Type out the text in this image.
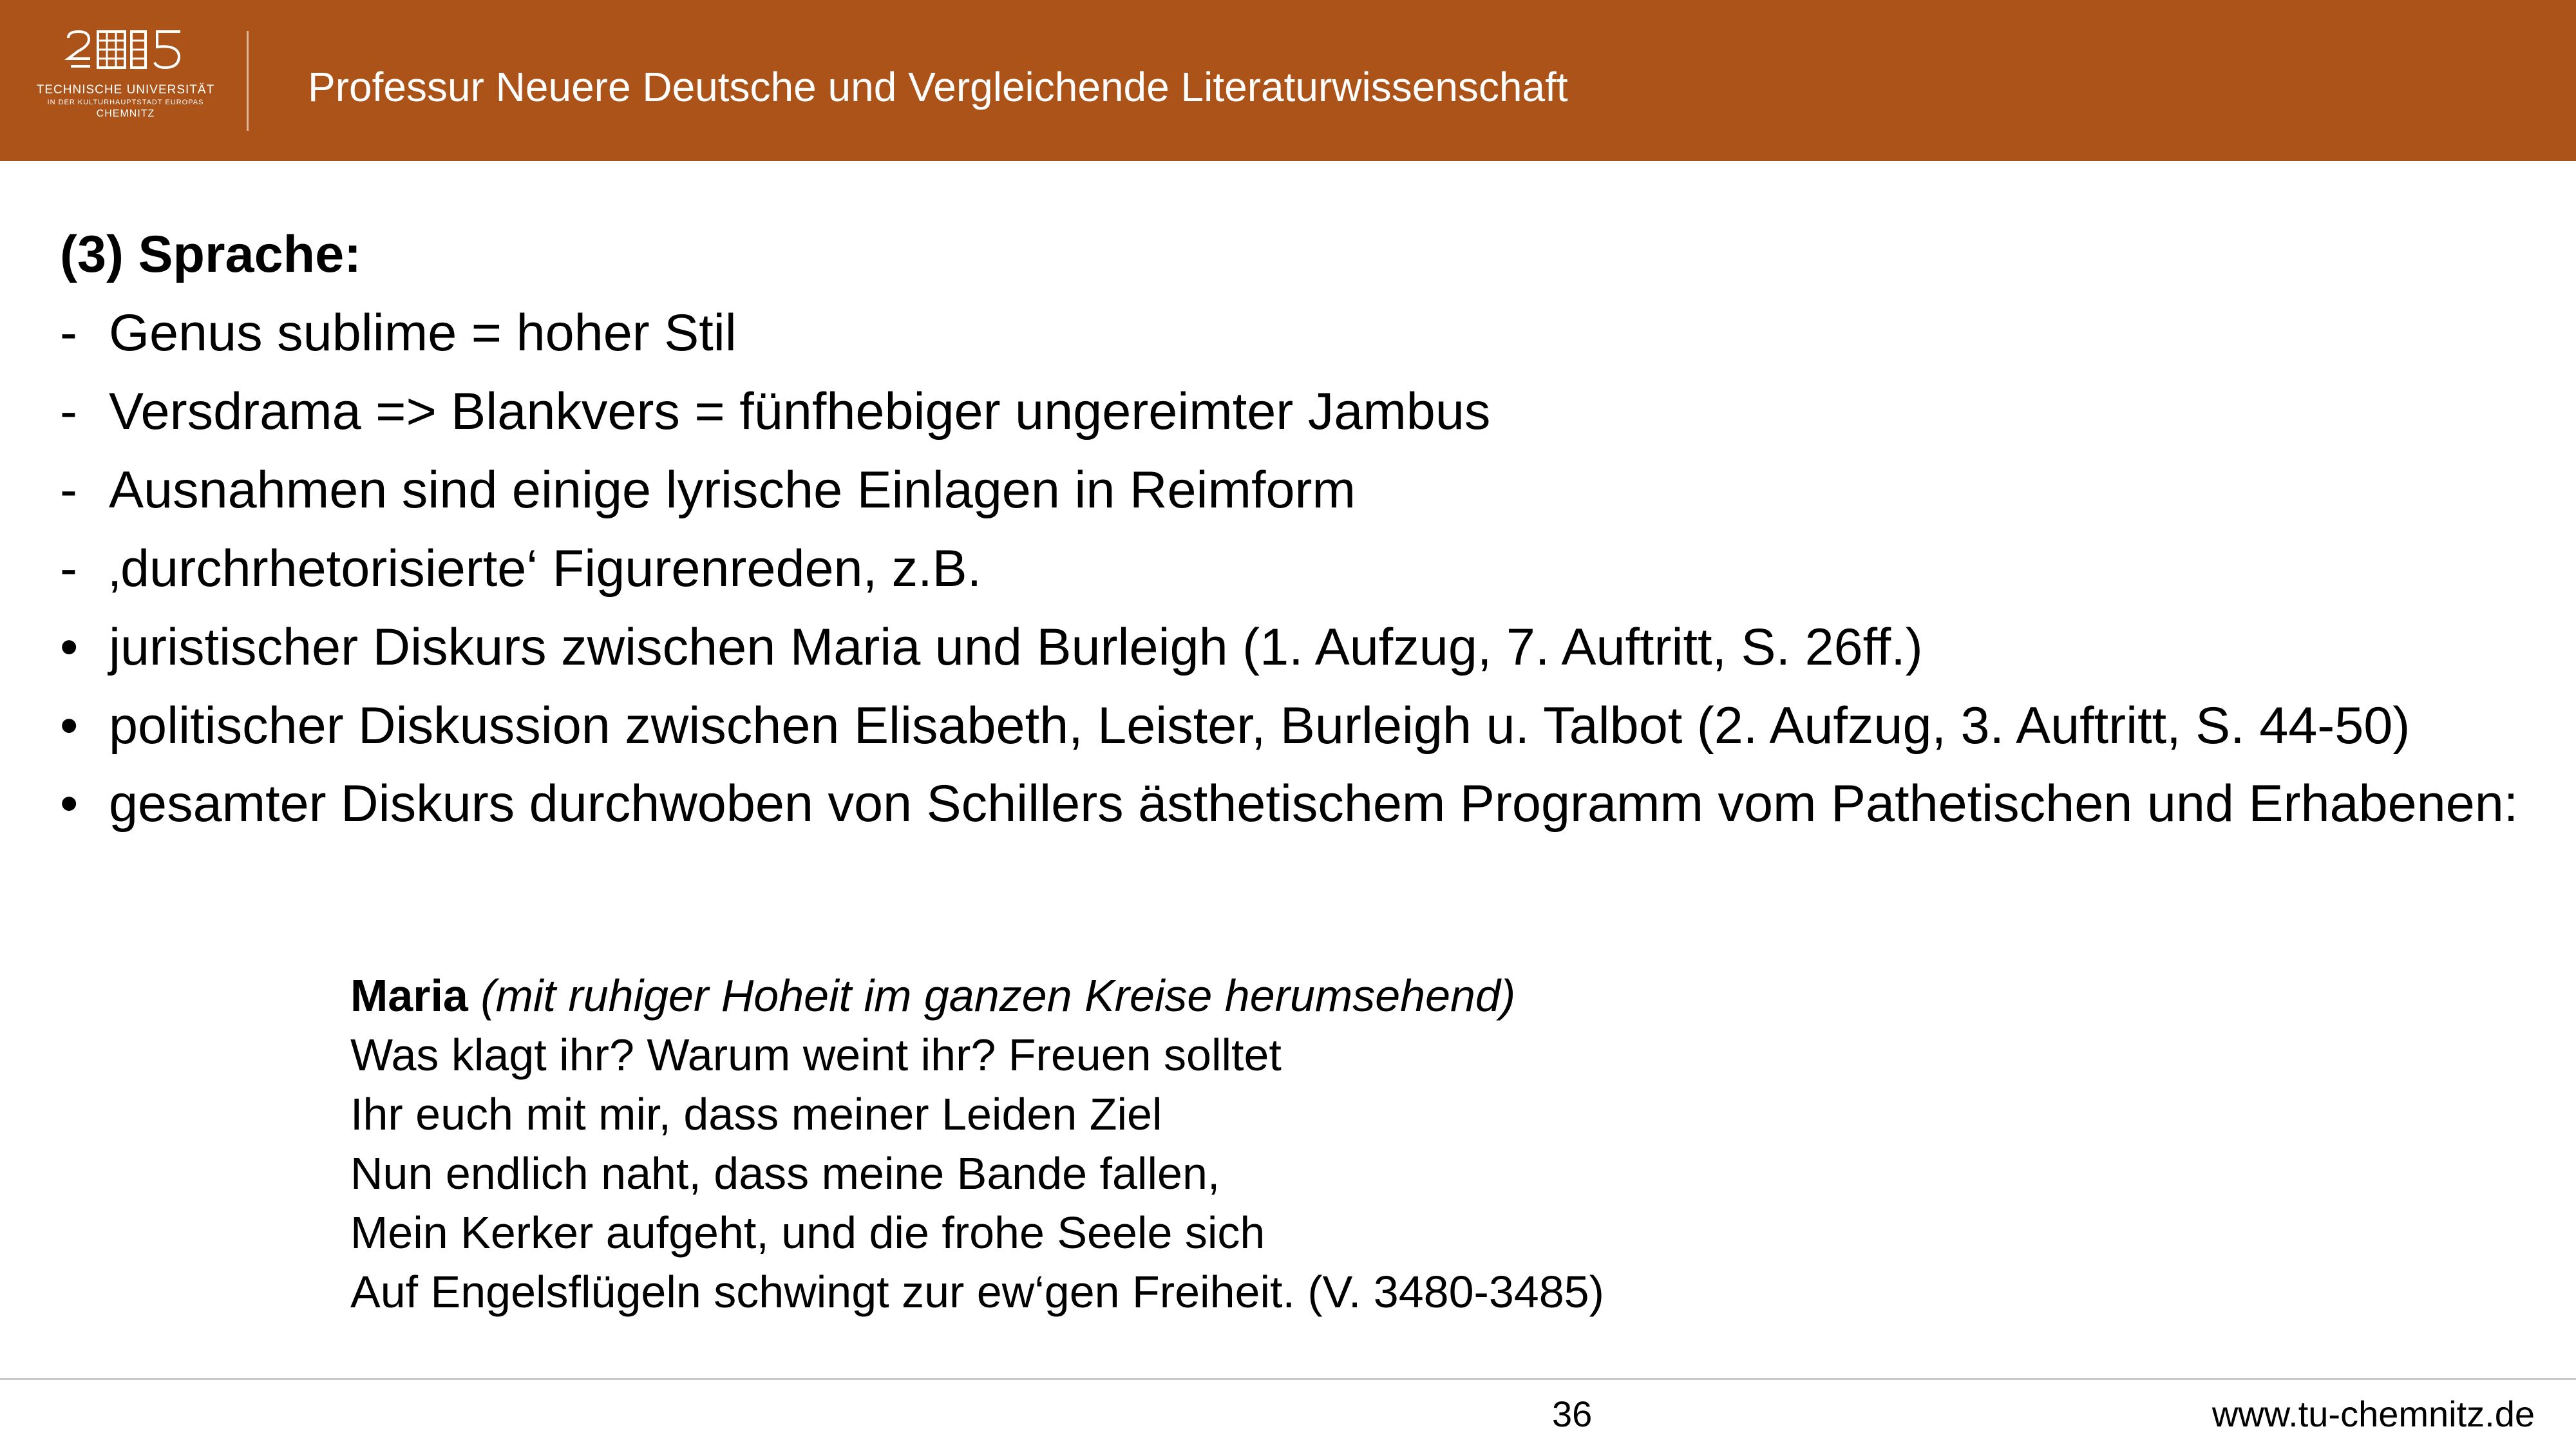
TECHNISCHE UNIVERSITÄT
IN DER KULTURHAUPTSTADT EUROPAS
CHEMNITZ
Professur Neuere Deutsche und Vergleichende Literaturwissenschaft
(3) Sprache:
- Genus sublime = hoher Stil
- Versdrama => Blankvers = fünfhebiger ungereimter Jambus
- Ausnahmen sind einige lyrische Einlagen in Reimform
- ‚durchrhetorisierte‘ Figurenreden, z.B.
• juristischer Diskurs zwischen Maria und Burleigh (1. Aufzug, 7. Auftritt, S. 26ff.)
• politischer Diskussion zwischen Elisabeth, Leister, Burleigh u. Talbot (2. Aufzug, 3. Auftritt, S. 44-50)
• gesamter Diskurs durchwoben von Schillers ästhetischem Programm vom Pathetischen und Erhabenen:
Maria (mit ruhiger Hoheit im ganzen Kreise herumsehend)
Was klagt ihr? Warum weint ihr? Freuen solltet
Ihr euch mit mir, dass meiner Leiden Ziel
Nun endlich naht, dass meine Bande fallen,
Mein Kerker aufgeht, und die frohe Seele sich
Auf Engelsflügeln schwingt zur ew‘gen Freiheit. (V. 3480-3485)
36	www.tu-chemnitz.de
